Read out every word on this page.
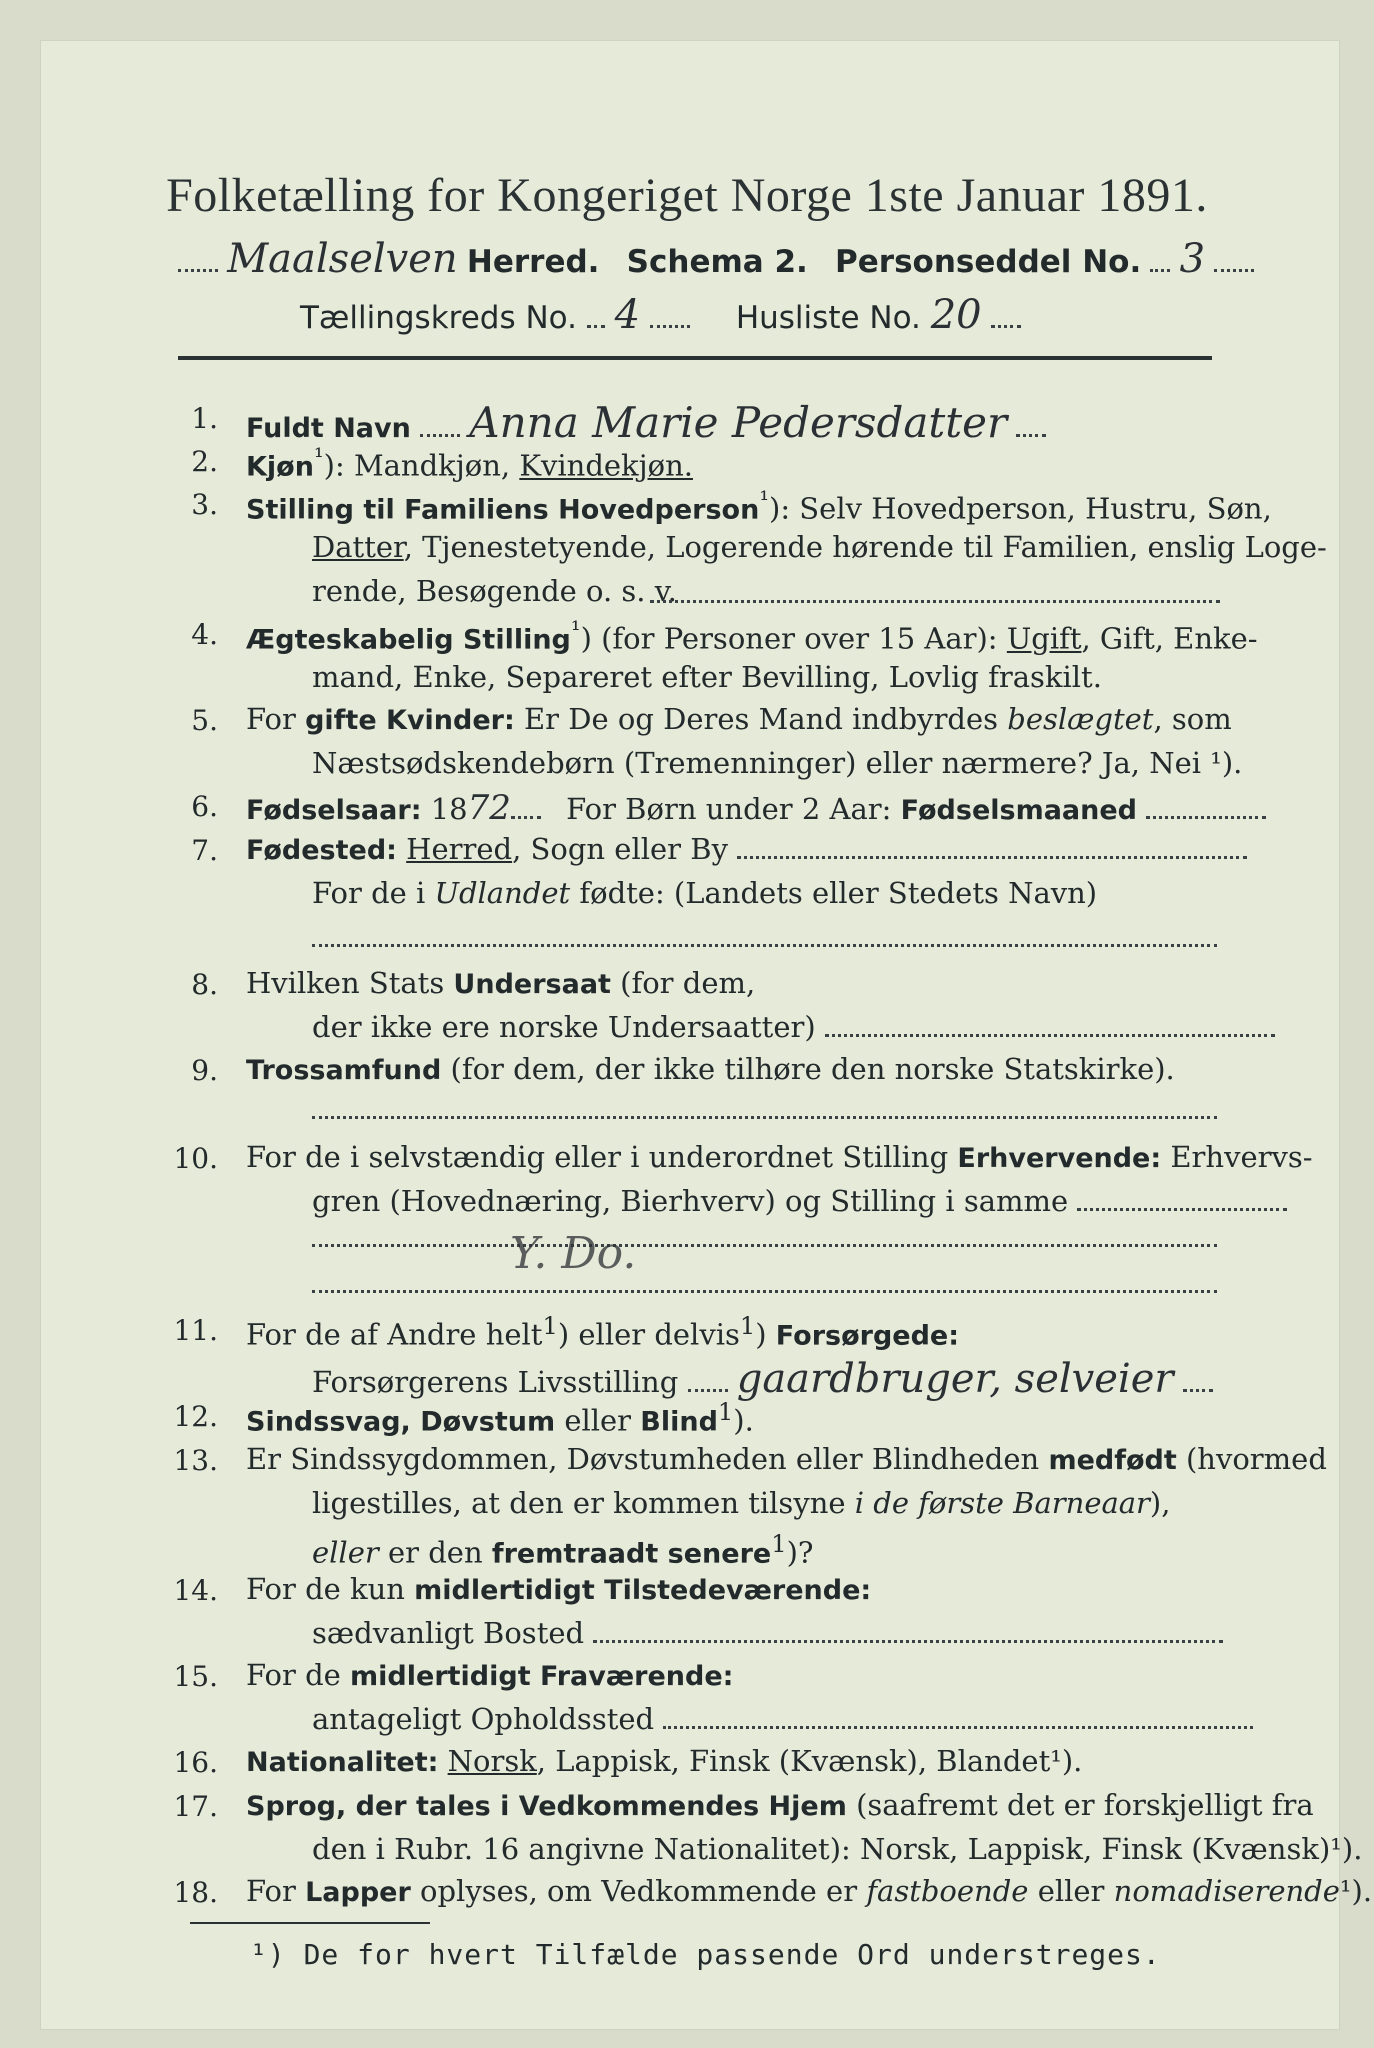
Folketælling for Kongeriget Norge 1ste Januar 1891.
Maalselven Herred. Schema 2. Personseddel No. 3
Tællingskreds No. 4	Husliste No. 20
1. Fuldt Navn Anna Marie Pedersdatter
2. Kjøn$^{^1}$): Mandkjøn, Kvindekjøn.
3. Stilling til Familiens Hovedperson$^{^1}$): Selv Hovedperson, Hustru, Søn,
Datter, Tjenestetyende, Logerende hørende til Familien, enslig Loge-
rende, Besøgende o. s. v.
4. Ægteskabelig Stilling$^{^1}$) (for Personer over 15 Aar): Ugift, Gift, Enke-
mand, Enke, Separeret efter Bevilling, Lovlig fraskilt.
5. For gifte Kvinder: Er De og Deres Mand indbyrdes beslægtet, som
Næstsødskendebørn (Tremenninger) eller nærmere? Ja, Nei ¹).
6. Fødselsaar: 1872 For Børn under 2 Aar: Fødselsmaaned
7. Fødested: Herred, Sogn eller By
For de i Udlandet fødte: (Landets eller Stedets Navn)
8. Hvilken Stats Undersaat (for dem,
der ikke ere norske Undersaatter)
9. Trossamfund (for dem, der ikke tilhøre den norske Statskirke).
10. For de i selvstændig eller i underordnet Stilling Erhvervende: Erhvervs-
gren (Hovednæring, Bierhverv) og Stilling i samme
Y. Do.
11. For de af Andre helt$^1$) eller delvis$^1$) Forsørgede:
Forsørgerens Livsstilling gaardbruger, selveier
12. Sindssvag, Døvstum eller Blind$^1$).
13. Er Sindssygdommen, Døvstumheden eller Blindheden medfødt (hvormed
ligestilles, at den er kommen tilsyne i de første Barneaar),
eller er den fremtraadt senere$^1$)?
14. For de kun midlertidigt Tilstedeværende:
sædvanligt Bosted
15. For de midlertidigt Fraværende:
antageligt Opholdssted
16. Nationalitet: Norsk, Lappisk, Finsk (Kvænsk), Blandet¹).
17. Sprog, der tales i Vedkommendes Hjem (saafremt det er forskjelligt fra
den i Rubr. 16 angivne Nationalitet): Norsk, Lappisk, Finsk (Kvænsk)¹).
18. For Lapper oplyses, om Vedkommende er fastboende eller nomadiserende¹).
¹) De for hvert Tilfælde passende Ord understreges.
